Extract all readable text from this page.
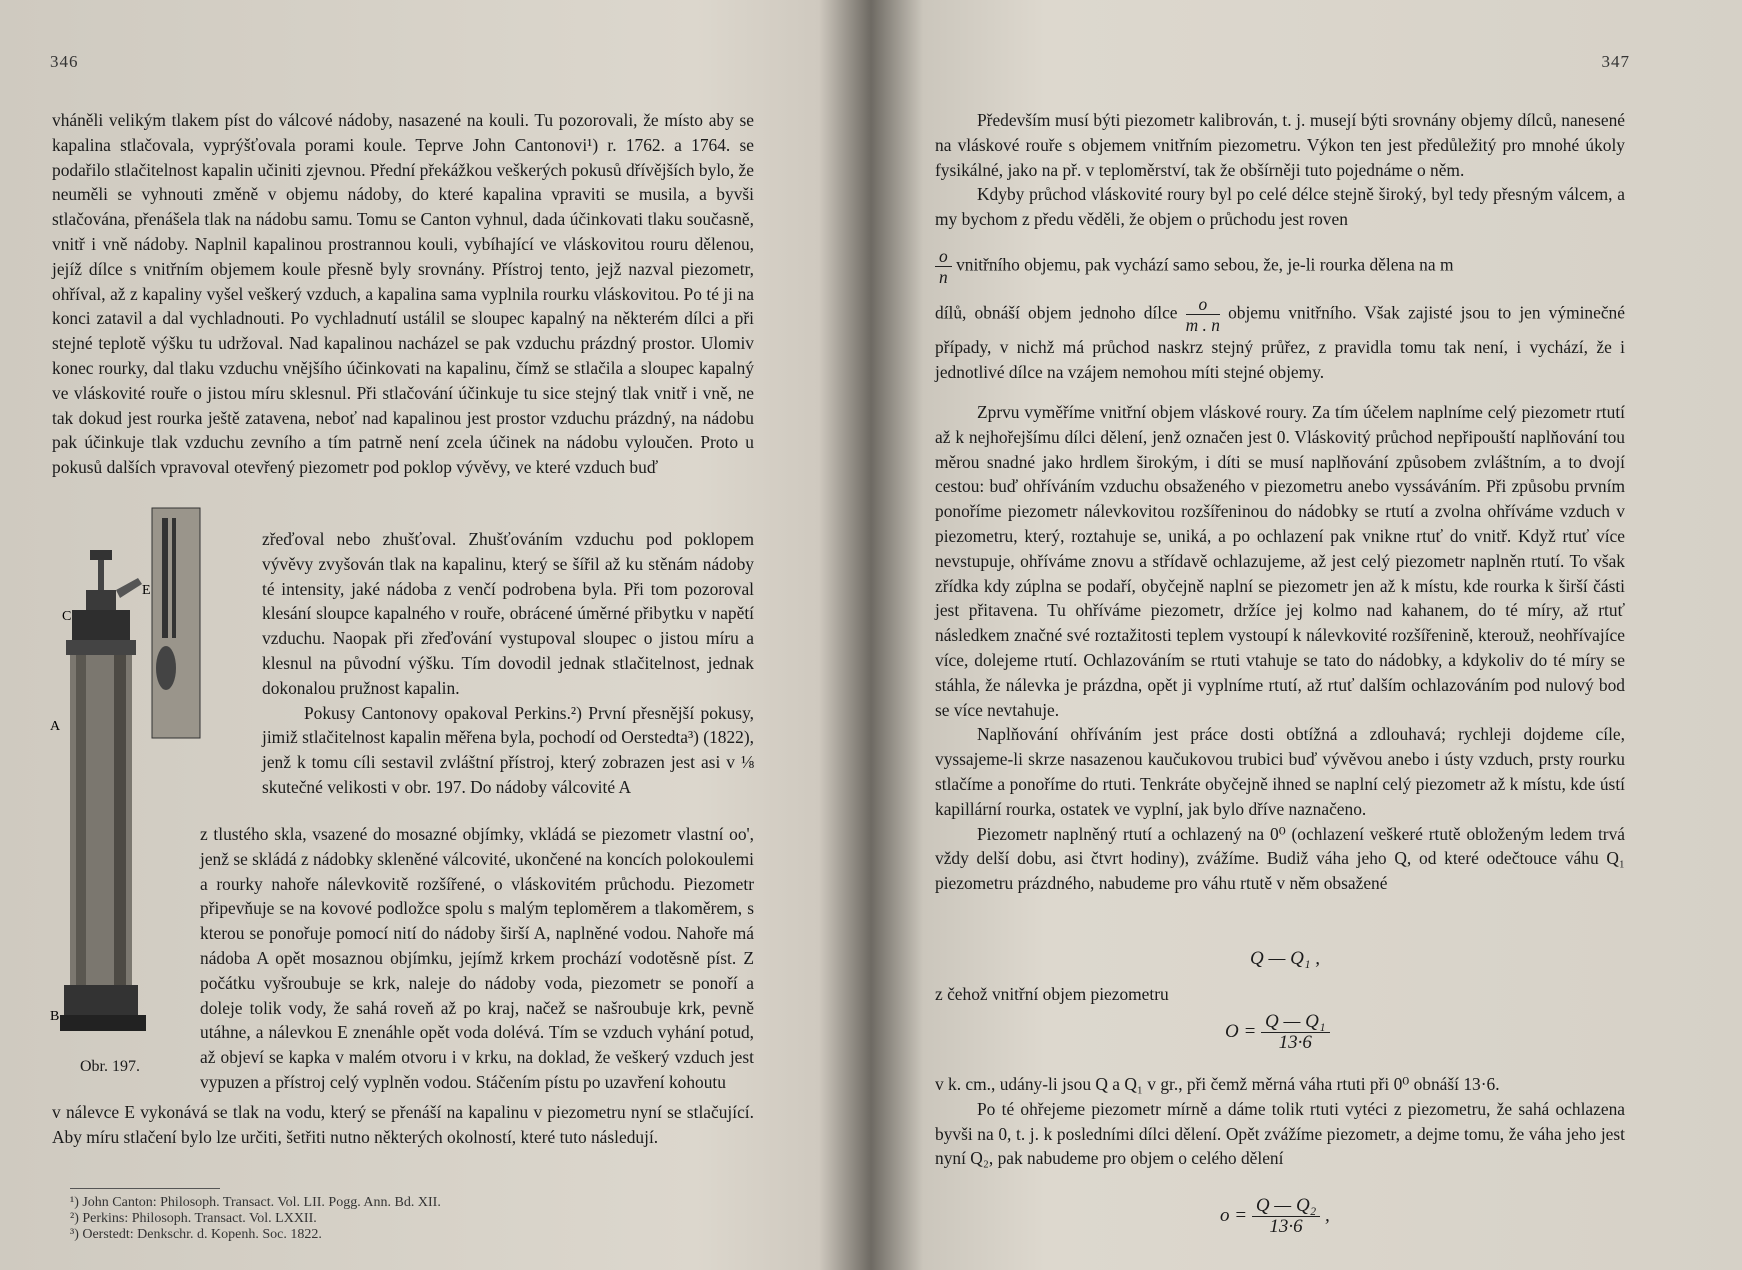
346

vháněli velikým tlakem píst do válcové nádoby, nasazené na kouli. Tu pozorovali, že místo aby se kapalina stlačovala, vyprýšťovala porami koule. Teprve John Cantonovi¹) r. 1762. a 1764. se podařilo stlačitelnost kapalin učiniti zjevnou. Přední překážkou veškerých pokusů dřívějších bylo, že neuměli se vyhnouti změně v objemu nádoby, do které kapalina vpraviti se musila, a byvši stlačována, přenášela tlak na nádobu samu. Tomu se Canton vyhnul, dada účinkovati tlaku současně, vnitř i vně nádoby. Naplnil kapalinou prostrannou kouli, vybíhající ve vláskovitou rouru dělenou, jejíž dílce s vnitřním objemem koule přesně byly srovnány. Přístroj tento, jejž nazval piezometr, ohříval, až z kapaliny vyšel veškerý vzduch, a kapalina sama vyplnila rourku vláskovitou. Po té ji na konci zatavil a dal vychladnouti. Po vychladnutí ustálil se sloupec kapalný na některém dílci a při stejné teplotě výšku tu udržoval. Nad kapalinou nacházel se pak vzduchu prázdný prostor. Ulomiv konec rourky, dal tlaku vzduchu vnějšího účinkovati na kapalinu, čímž se stlačila a sloupec kapalný ve vláskovité rouře o jistou míru sklesnul. Při stlačování účinkuje tu sice stejný tlak vnitř i vně, ne tak dokud jest rourka ještě zatavena, neboť nad kapalinou jest prostor vzduchu prázdný, na nádobu pak účinkuje tlak vzduchu zevního a tím patrně není zcela účinek na nádobu vyloučen. Proto u pokusů dalších vpravoval otevřený piezometr pod poklop vývěvy, ve které vzduch buď

zřeďoval nebo zhušťoval. Zhušťováním vzduchu pod poklopem vývěvy zvyšován tlak na kapalinu, který se šířil až ku stěnám nádoby té intensity, jaké nádoba z venčí podrobena byla. Při tom pozoroval klesání sloupce kapalného v rouře, obrácené úměrné přibytku v napětí vzduchu. Naopak při zřeďování vystupoval sloupec o jistou míru a klesnul na původní výšku. Tím dovodil jednak stlačitelnost, jednak dokonalou pružnost kapalin.

Pokusy Cantonovy opakoval Perkins.²) První přesnější pokusy, jimiž stlačitelnost kapalin měřena byla, pochodí od Oerstedta³) (1822), jenž k tomu cíli sestavil zvláštní přístroj, který zobrazen jest asi v ⅛ skutečné velikosti v obr. 197. Do nádoby válcovité A

z tlustého skla, vsazené do mosazné objímky, vkládá se piezometr vlastní oo', jenž se skládá z nádobky skleněné válcovité, ukončené na koncích polokoulemi a rourky nahoře nálevkovitě rozšířené, o vláskovitém průchodu. Piezometr připevňuje se na kovové podložce spolu s malým teploměrem a tlakoměrem, s kterou se ponořuje pomocí nití do nádoby širší A, naplněné vodou. Nahoře má nádoba A opět mosaznou objímku, jejímž krkem prochází vodotěsně píst. Z počátku vyšroubuje se krk, naleje do nádoby voda, piezometr se ponoří a doleje tolik vody, že sahá roveň až po kraj, načež se našroubuje krk, pevně utáhne, a nálevkou E znenáhle opět voda dolévá. Tím se vzduch vyhání potud, až objeví se kapka v malém otvoru i v krku, na doklad, že veškerý vzduch jest vypuzen a přístroj celý vyplněn vodou. Stáčením pístu po uzavření kohoutu

v nálevce E vykonává se tlak na vodu, který se přenáší na kapalinu v piezometru nyní se stlačující. Aby míru stlačení bylo lze určiti, šetřiti nutno některých okolností, které tuto následují.

E
C
A
B
Obr. 197.
¹) John Canton: Philosoph. Transact. Vol. LII. Pogg. Ann. Bd. XII.
²) Perkins: Philosoph. Transact. Vol. LXXII.
³) Oerstedt: Denkschr. d. Kopenh. Soc. 1822.
347

Především musí býti piezometr kalibrován, t. j. musejí býti srovnány objemy dílců, nanesené na vláskové rouře s objemem vnitřním piezometru. Výkon ten jest předůležitý pro mnohé úkoly fysikálné, jako na př. v teploměrství, tak že obšírněji tuto pojednáme o něm.

Kdyby průchod vláskovité roury byl po celé délce stejně široký, byl tedy přesným válcem, a my bychom z předu věděli, že objem o průchodu jest roven

$\frac{o}{n}$ vnitřního objemu, pak vychází samo sebou, že, je-li rourka dělena na m

dílů, obnáší objem jednoho dílce $\frac{o}{m . n}$ objemu vnitřního. Však zajisté jsou to jen výminečné případy, v nichž má průchod naskrz stejný průřez, z pravidla tomu tak není, i vychází, že i jednotlivé dílce na vzájem nemohou míti stejné objemy.

Zprvu vyměříme vnitřní objem vláskové roury. Za tím účelem naplníme celý piezometr rtutí až k nejhořejšímu dílci dělení, jenž označen jest 0. Vláskovitý průchod nepřipouští naplňování tou měrou snadné jako hrdlem širokým, i díti se musí naplňování způsobem zvláštním, a to dvojí cestou: buď ohříváním vzduchu obsaženého v piezometru anebo vyssáváním. Při způsobu prvním ponoříme piezometr nálevkovitou rozšířeninou do nádobky se rtutí a zvolna ohříváme vzduch v piezometru, který, roztahuje se, uniká, a po ochlazení pak vnikne rtuť do vnitř. Když rtuť více nevstupuje, ohříváme znovu a střídavě ochlazujeme, až jest celý piezometr naplněn rtutí. To však zřídka kdy zúplna se podaří, obyčejně naplní se piezometr jen až k místu, kde rourka k širší části jest přitavena. Tu ohříváme piezometr, držíce jej kolmo nad kahanem, do té míry, až rtuť následkem značné své roztažitosti teplem vystoupí k nálevkovité rozšířenině, kterouž, neohřívajíce více, dolejeme rtutí. Ochlazováním se rtuti vtahuje se tato do nádobky, a kdykoliv do té míry se stáhla, že nálevka je prázdna, opět ji vyplníme rtutí, až rtuť dalším ochlazováním pod nulový bod se více nevtahuje.

Naplňování ohříváním jest práce dosti obtížná a zdlouhavá; rychleji dojdeme cíle, vyssajeme-li skrze nasazenou kaučukovou trubici buď vývěvou anebo i ústy vzduch, prsty rourku stlačíme a ponoříme do rtuti. Tenkráte obyčejně ihned se naplní celý piezometr až k místu, kde ústí kapillární rourka, ostatek ve vyplní, jak bylo dříve naznačeno.

Piezometr naplněný rtutí a ochlazený na 0⁰ (ochlazení veškeré rtutě obloženým ledem trvá vždy delší dobu, asi čtvrt hodiny), zvážíme. Budiž váha jeho Q, od které odečtouce váhu Q₁ piezometru prázdného, nabudeme pro váhu rtutě v něm obsažené

Q — Q₁ ,

z čehož vnitřní objem piezometru

$O = \frac{\text{Q — Q₁}}{13\cdot 6}$

v k. cm., udány-li jsou Q a Q₁ v gr., při čemž měrná váha rtuti při 0⁰ obnáší 13·6.

Po té ohřejeme piezometr mírně a dáme tolik rtuti vytéci z piezometru, že sahá ochlazena byvši na 0, t. j. k posledními dílci dělení. Opět zvážíme piezometr, a dejme tomu, že váha jeho jest nyní Q₂, pak nabudeme pro objem o celého dělení

$o = \frac{\text{Q — Q₂}}{13\cdot 6}$ ,
